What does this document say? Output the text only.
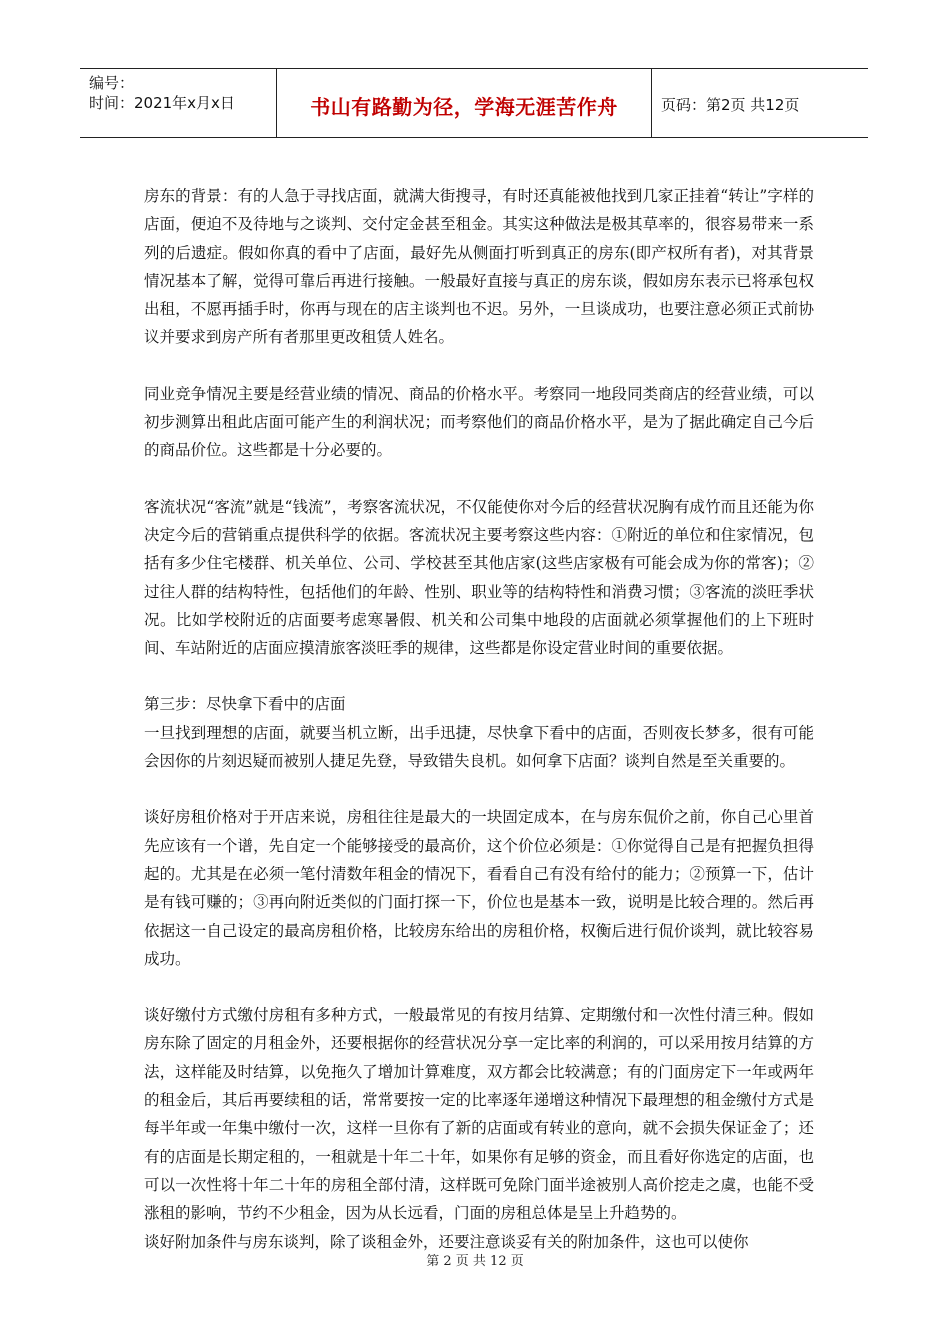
编号：
时间：2021年x月x日	书山有路勤为径，学海无涯苦作舟	页码：第2页 共12页

房东的背景：有的人急于寻找店面，就满大街搜寻，有时还真能被他找到几家正挂着“转让”字样的店面，便迫不及待地与之谈判、交付定金甚至租金。其实这种做法是极其草率的，很容易带来一系列的后遗症。假如你真的看中了店面，最好先从侧面打听到真正的房东(即产权所有者)，对其背景情况基本了解，觉得可靠后再进行接触。一般最好直接与真正的房东谈，假如房东表示已将承包权出租，不愿再插手时，你再与现在的店主谈判也不迟。另外，一旦谈成功，也要注意必须正式前协议并要求到房产所有者那里更改租赁人姓名。

同业竞争情况主要是经营业绩的情况、商品的价格水平。考察同一地段同类商店的经营业绩，可以初步测算出租此店面可能产生的利润状况；而考察他们的商品价格水平，是为了据此确定自己今后的商品价位。这些都是十分必要的。

客流状况“客流”就是“钱流”，考察客流状况，不仅能使你对今后的经营状况胸有成竹而且还能为你决定今后的营销重点提供科学的依据。客流状况主要考察这些内容：①附近的单位和住家情况，包括有多少住宅楼群、机关单位、公司、学校甚至其他店家(这些店家极有可能会成为你的常客)；②过往人群的结构特性，包括他们的年龄、性别、职业等的结构特性和消费习惯；③客流的淡旺季状况。比如学校附近的店面要考虑寒暑假、机关和公司集中地段的店面就必须掌握他们的上下班时间、车站附近的店面应摸清旅客淡旺季的规律，这些都是你设定营业时间的重要依据。

第三步：尽快拿下看中的店面

一旦找到理想的店面，就要当机立断，出手迅捷，尽快拿下看中的店面，否则夜长梦多，很有可能会因你的片刻迟疑而被别人捷足先登，导致错失良机。如何拿下店面？谈判自然是至关重要的。

谈好房租价格对于开店来说，房租往往是最大的一块固定成本，在与房东侃价之前，你自己心里首先应该有一个谱，先自定一个能够接受的最高价，这个价位必须是：①你觉得自己是有把握负担得起的。尤其是在必须一笔付清数年租金的情况下，看看自己有没有给付的能力；②预算一下，估计是有钱可赚的；③再向附近类似的门面打探一下，价位也是基本一致，说明是比较合理的。然后再依据这一自己设定的最高房租价格，比较房东给出的房租价格，权衡后进行侃价谈判，就比较容易成功。

谈好缴付方式缴付房租有多种方式，一般最常见的有按月结算、定期缴付和一次性付清三种。假如房东除了固定的月租金外，还要根据你的经营状况分享一定比率的利润的，可以采用按月结算的方法，这样能及时结算，以免拖久了增加计算难度，双方都会比较满意；有的门面房定下一年或两年的租金后，其后再要续租的话，常常要按一定的比率逐年递增这种情况下最理想的租金缴付方式是每半年或一年集中缴付一次，这样一旦你有了新的店面或有转业的意向，就不会损失保证金了；还有的店面是长期定租的，一租就是十年二十年，如果你有足够的资金，而且看好你选定的店面，也可以一次性将十年二十年的房租全部付清，这样既可免除门面半途被别人高价挖走之虞，也能不受涨租的影响，节约不少租金，因为从长远看，门面的房租总体是呈上升趋势的。

谈好附加条件与房东谈判，除了谈租金外，还要注意谈妥有关的附加条件，这也可以使你

第 2 页 共 12 页
